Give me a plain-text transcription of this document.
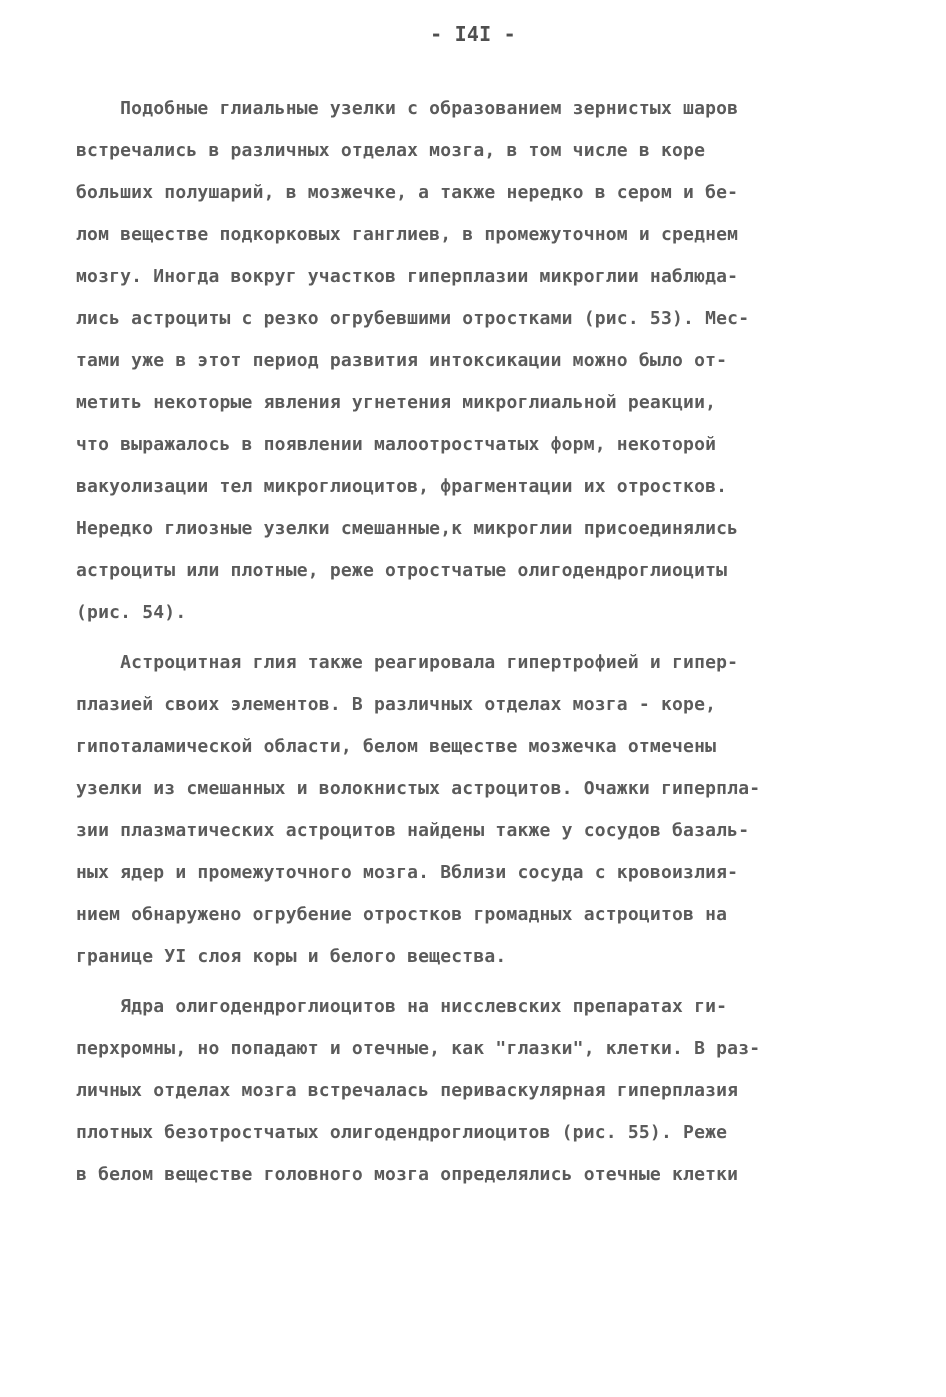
- I4I -
Подобные глиальные узелки с образованием зернистых шаров
встречались в различных отделах мозга, в том числе в коре
больших полушарий, в мозжечке, а также нередко в сером и бе-
лом веществе подкорковых ганглиев, в промежуточном и среднем
мозгу. Иногда вокруг участков гиперплазии микроглии наблюда-
лись астроциты с резко огрубевшими отростками (рис. 53). Мес-
тами уже в этот период развития интоксикации можно было от-
метить некоторые явления угнетения микроглиальной реакции,
что выражалось в появлении малоотростчатых форм, некоторой
вакуолизации тел микроглиоцитов, фрагментации их отростков.
Нередко глиозные узелки смешанные,к микроглии присоединялись
астроциты или плотные, реже отростчатые олигодендроглиоциты
(рис. 54).
Астроцитная глия также реагировала гипертрофией и гипер-
плазией своих элементов. В различных отделах мозга - коре,
гипоталамической области, белом веществе мозжечка отмечены
узелки из смешанных и волокнистых астроцитов. Очажки гиперпла-
зии плазматических астроцитов найдены также у сосудов базаль-
ных ядер и промежуточного мозга. Вблизи сосуда с кровоизлия-
нием обнаружено огрубение отростков громадных астроцитов на
границе УI слоя коры и белого вещества.
Ядра олигодендроглиоцитов на нисслевских препаратах ги-
перхромны, но попадают и отечные, как "глазки", клетки. В раз-
личных отделах мозга встречалась периваскулярная гиперплазия
плотных безотростчатых олигодендроглиоцитов (рис. 55). Реже
в белом веществе головного мозга определялись отечные клетки
